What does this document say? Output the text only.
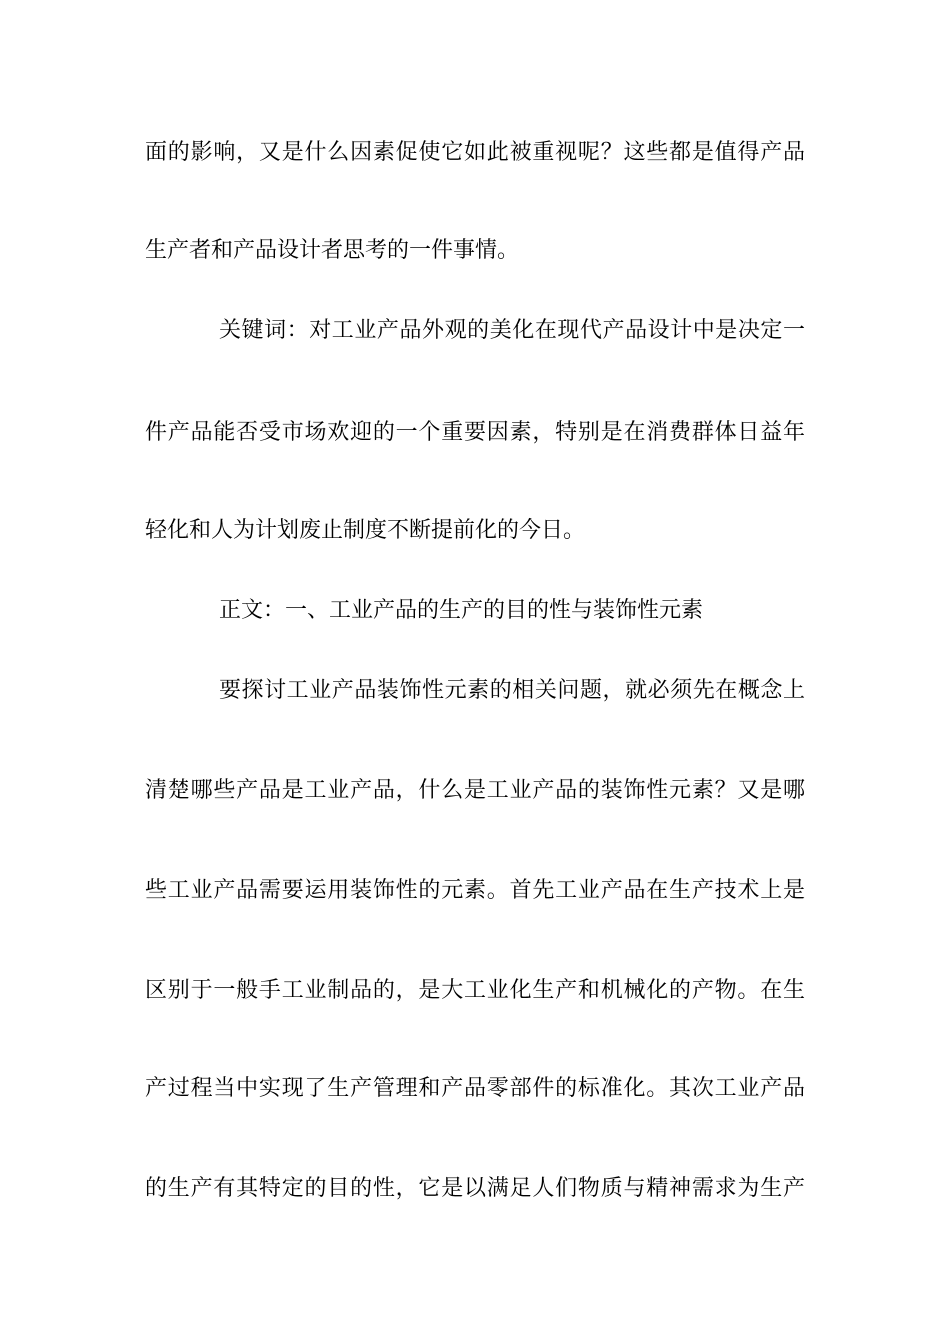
面的影响，又是什么因素促使它如此被重视呢？这些都是值得产品
生产者和产品设计者思考的一件事情。
关键词：对工业产品外观的美化在现代产品设计中是决定一
件产品能否受市场欢迎的一个重要因素，特别是在消费群体日益年
轻化和人为计划废止制度不断提前化的今日。
正文：一、工业产品的生产的目的性与装饰性元素
要探讨工业产品装饰性元素的相关问题，就必须先在概念上
清楚哪些产品是工业产品，什么是工业产品的装饰性元素？又是哪
些工业产品需要运用装饰性的元素。首先工业产品在生产技术上是
区别于一般手工业制品的，是大工业化生产和机械化的产物。在生
产过程当中实现了生产管理和产品零部件的标准化。其次工业产品
的生产有其特定的目的性，它是以满足人们物质与精神需求为生产
